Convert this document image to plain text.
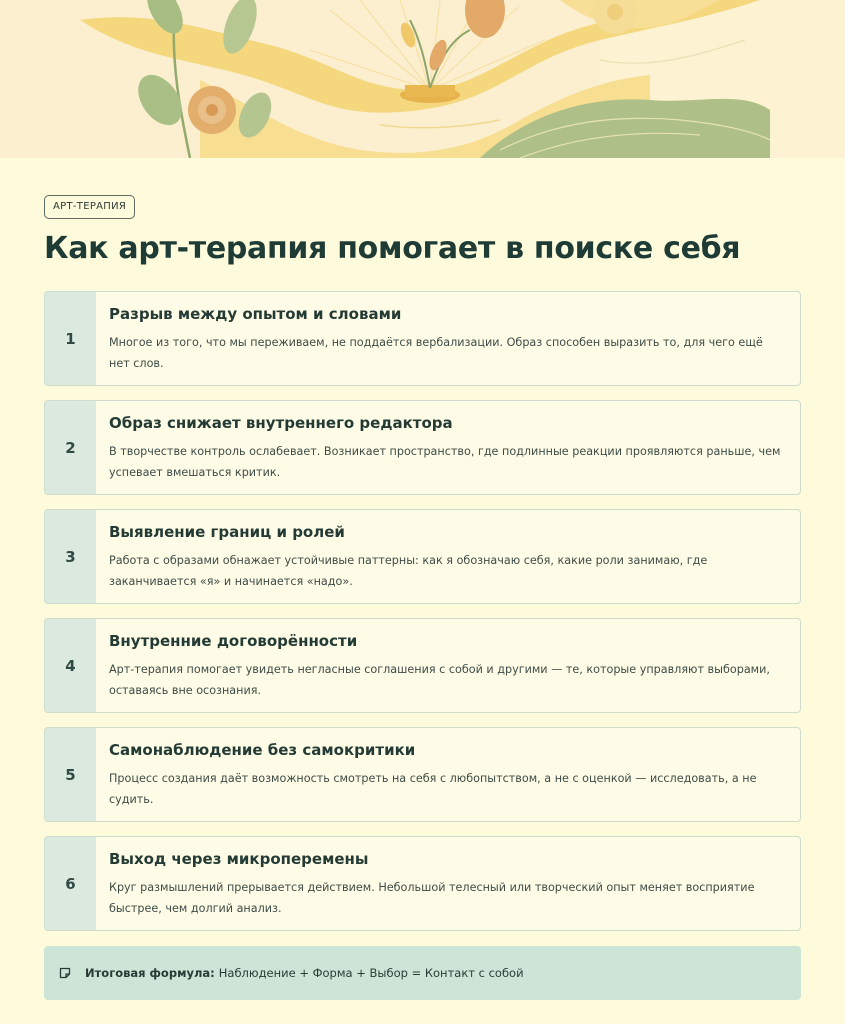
АРТ-ТЕРАПИЯ
Как арт-терапия помогает в поиске себя
1

Разрыв между опытом и словами

Многое из того, что мы переживаем, не поддаётся вербализации. Образ способен выразить то, для чего ещё нет слов.

2

Образ снижает внутреннего редактора

В творчестве контроль ослабевает. Возникает пространство, где подлинные реакции проявляются раньше, чем успевает вмешаться критик.

3

Выявление границ и ролей

Работа с образами обнажает устойчивые паттерны: как я обозначаю себя, какие роли занимаю, где заканчивается «я» и начинается «надо».

4

Внутренние договорённости

Арт-терапия помогает увидеть негласные соглашения с собой и другими — те, которые управляют выборами, оставаясь вне осознания.

5

Самонаблюдение без самокритики

Процесс создания даёт возможность смотреть на себя с любопытством, а не с оценкой — исследовать, а не судить.

6

Выход через микроперемены

Круг размышлений прерывается действием. Небольшой телесный или творческий опыт меняет восприятие быстрее, чем долгий анализ.

Итоговая формула: Наблюдение + Форма + Выбор = Контакт с собой
